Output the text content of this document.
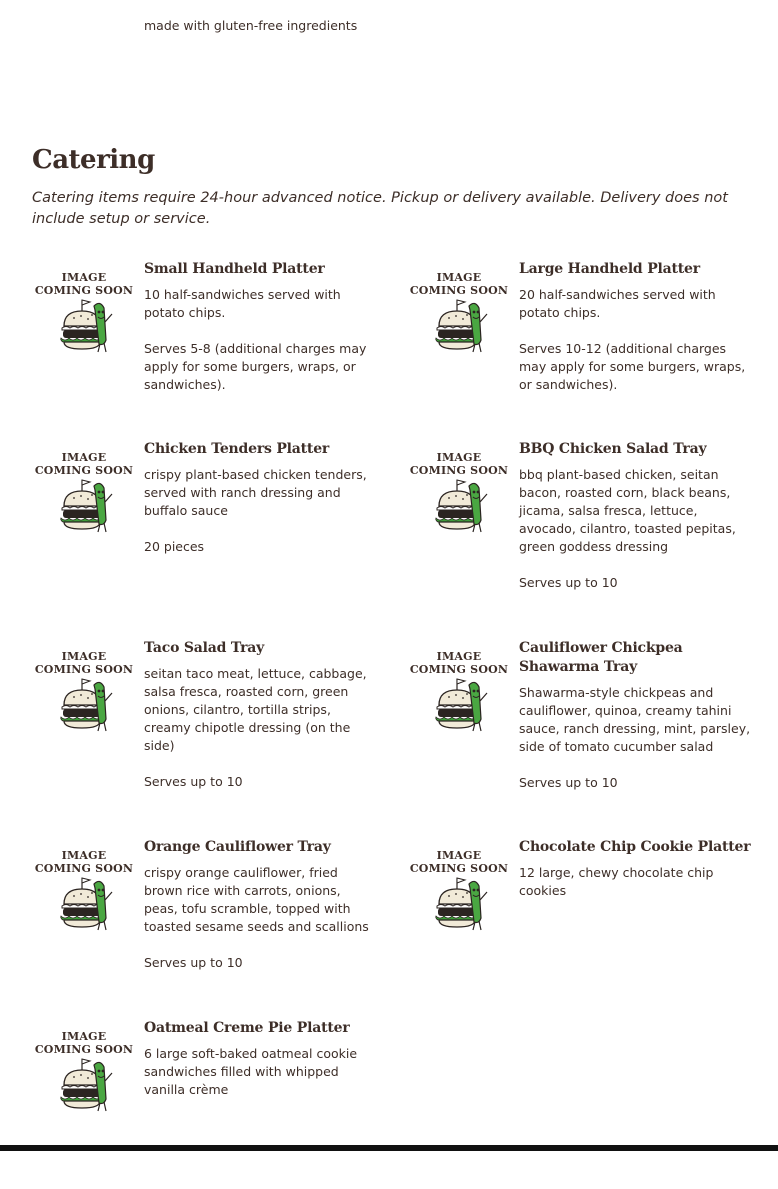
made with gluten-free ingredients

Catering

Catering items require 24-hour advanced notice. Pickup or delivery available. Delivery does not include setup or service.

IMAGE
COMING SOON
Small Handheld Platter

10 half-sandwiches served with potato chips.

Serves 5-8 (additional charges may apply for some burgers, wraps, or sandwiches).

IMAGE
COMING SOON
Large Handheld Platter

20 half-sandwiches served with potato chips.

Serves 10-12 (additional charges may apply for some burgers, wraps, or sandwiches).

IMAGE
COMING SOON
Chicken Tenders Platter

crispy plant-based chicken tenders, served with ranch dressing and buffalo sauce

20 pieces

IMAGE
COMING SOON
BBQ Chicken Salad Tray

bbq plant-based chicken, seitan bacon, roasted corn, black beans, jicama, salsa fresca, lettuce, avocado, cilantro, toasted pepitas, green goddess dressing

Serves up to 10

IMAGE
COMING SOON
Taco Salad Tray

seitan taco meat, lettuce, cabbage, salsa fresca, roasted corn, green onions, cilantro, tortilla strips, creamy chipotle dressing (on the side)

Serves up to 10

IMAGE
COMING SOON
Cauliflower Chickpea Shawarma Tray

Shawarma-style chickpeas and cauliflower, quinoa, creamy tahini sauce, ranch dressing, mint, parsley, side of tomato cucumber salad

Serves up to 10

IMAGE
COMING SOON
Orange Cauliflower Tray

crispy orange cauliflower, fried brown rice with carrots, onions, peas, tofu scramble, topped with toasted sesame seeds and scallions

Serves up to 10

IMAGE
COMING SOON
Chocolate Chip Cookie Platter

12 large, chewy chocolate chip cookies

IMAGE
COMING SOON
Oatmeal Creme Pie Platter

6 large soft-baked oatmeal cookie sandwiches filled with whipped vanilla crème
